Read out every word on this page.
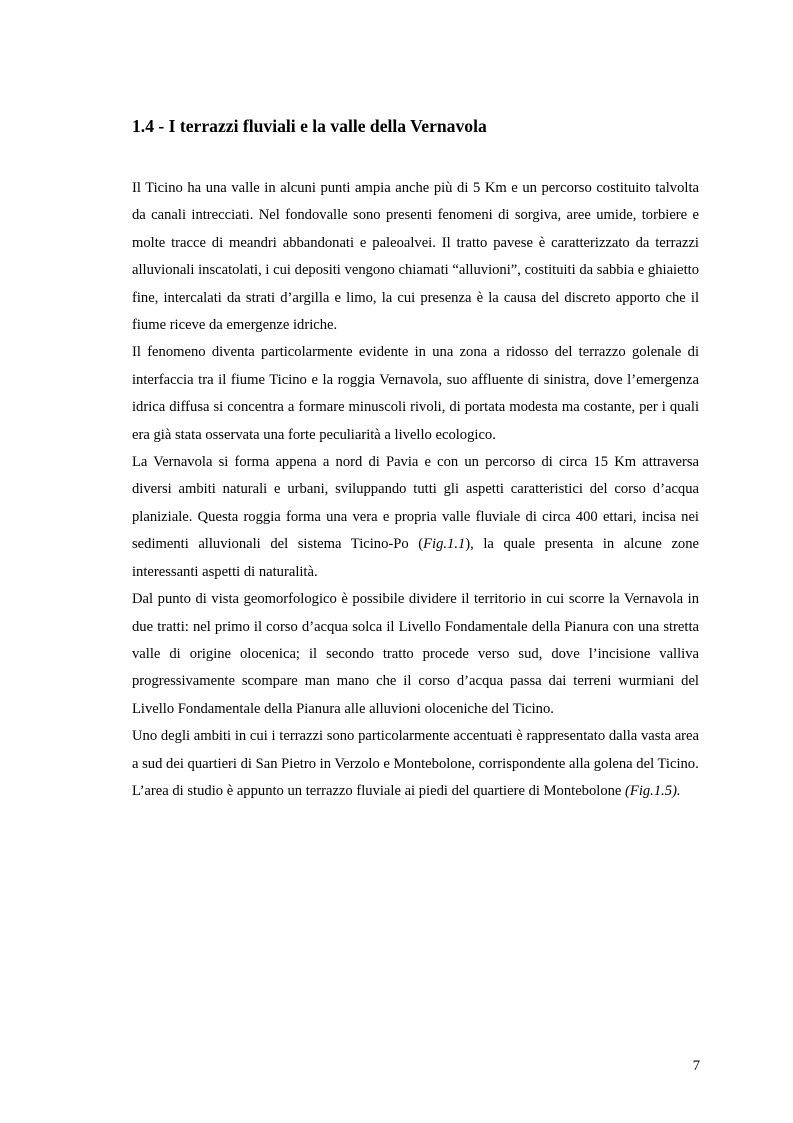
1.4 - I terrazzi fluviali e la valle della Vernavola

Il Ticino ha una valle in alcuni punti ampia anche più di 5 Km e un percorso costituito talvolta da canali intrecciati. Nel fondovalle sono presenti fenomeni di sorgiva, aree umide, torbiere e molte tracce di meandri abbandonati e paleoalvei. Il tratto pavese è caratterizzato da terrazzi alluvionali inscatolati, i cui depositi vengono chiamati “alluvioni”, costituiti da sabbia e ghiaietto fine, intercalati da strati d’argilla e limo, la cui presenza è la causa del discreto apporto che il fiume riceve da emergenze idriche.

Il fenomeno diventa particolarmente evidente in una zona a ridosso del terrazzo golenale di interfaccia tra il fiume Ticino e la roggia Vernavola, suo affluente di sinistra, dove l’emergenza idrica diffusa si concentra a formare minuscoli rivoli, di portata modesta ma costante, per i quali era già stata osservata una forte peculiarità a livello ecologico.

La Vernavola si forma appena a nord di Pavia e con un percorso di circa 15 Km attraversa diversi ambiti naturali e urbani, sviluppando tutti gli aspetti caratteristici del corso d’acqua planiziale. Questa roggia forma una vera e propria valle fluviale di circa 400 ettari, incisa nei sedimenti alluvionali del sistema Ticino-Po (Fig.1.1), la quale presenta in alcune zone interessanti aspetti di naturalità.

Dal punto di vista geomorfologico è possibile dividere il territorio in cui scorre la Vernavola in due tratti: nel primo il corso d’acqua solca il Livello Fondamentale della Pianura con una stretta valle di origine olocenica; il secondo tratto procede verso sud, dove l’incisione valliva progressivamente scompare man mano che il corso d’acqua passa dai terreni wurmiani del Livello Fondamentale della Pianura alle alluvioni oloceniche del Ticino.

Uno degli ambiti in cui i terrazzi sono particolarmente accentuati è rappresentato dalla vasta area a sud dei quartieri di San Pietro in Verzolo e Montebolone, corrispondente alla golena del Ticino.

L’area di studio è appunto un terrazzo fluviale ai piedi del quartiere di Montebolone (Fig.1.5).

7
